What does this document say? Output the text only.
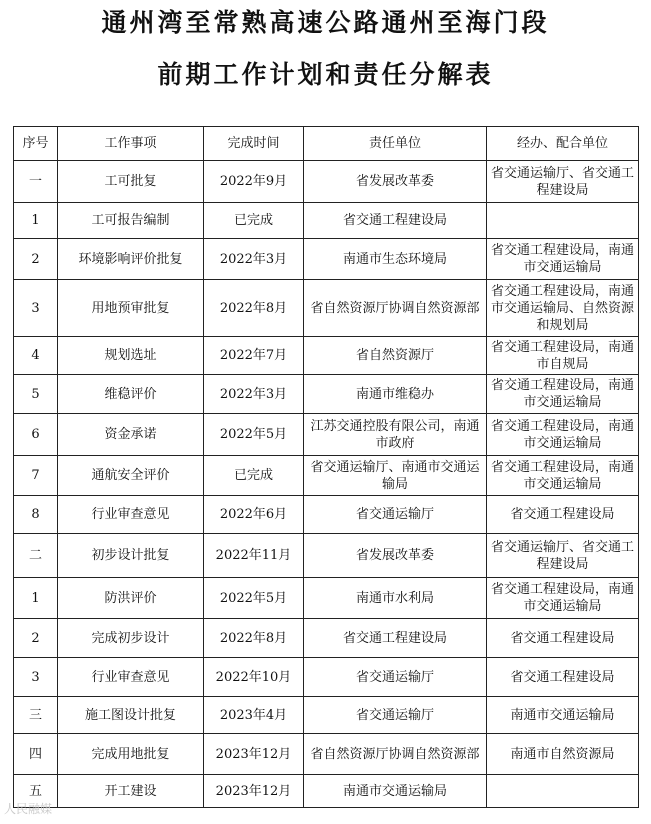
通州湾至常熟高速公路通州至海门段
前期工作计划和责任分解表
序号	工作事项	完成时间	责任单位	经办、配合单位
一	工可批复	2022年9月	省发展改革委	省交通运输厅、省交通工程建设局
1	工可报告编制	已完成	省交通工程建设局	
2	环境影响评价批复	2022年3月	南通市生态环境局	省交通工程建设局，南通市交通运输局
3	用地预审批复	2022年8月	省自然资源厅协调自然资源部	省交通工程建设局，南通市交通运输局、自然资源和规划局
4	规划选址	2022年7月	省自然资源厅	省交通工程建设局，南通市自规局
5	维稳评价	2022年3月	南通市维稳办	省交通工程建设局，南通市交通运输局
6	资金承诺	2022年5月	江苏交通控股有限公司，南通市政府	省交通工程建设局，南通市交通运输局
7	通航安全评价	已完成	省交通运输厅、南通市交通运输局	省交通工程建设局，南通市交通运输局
8	行业审查意见	2022年6月	省交通运输厅	省交通工程建设局
二	初步设计批复	2022年11月	省发展改革委	省交通运输厅、省交通工程建设局
1	防洪评价	2022年5月	南通市水利局	省交通工程建设局，南通市交通运输局
2	完成初步设计	2022年8月	省交通工程建设局	省交通工程建设局
3	行业审查意见	2022年10月	省交通运输厅	省交通工程建设局
三	施工图设计批复	2023年4月	省交通运输厅	南通市交通运输局
四	完成用地批复	2023年12月	省自然资源厅协调自然资源部	南通市自然资源局
五	开工建设	2023年12月	南通市交通运输局	
人民融媒
